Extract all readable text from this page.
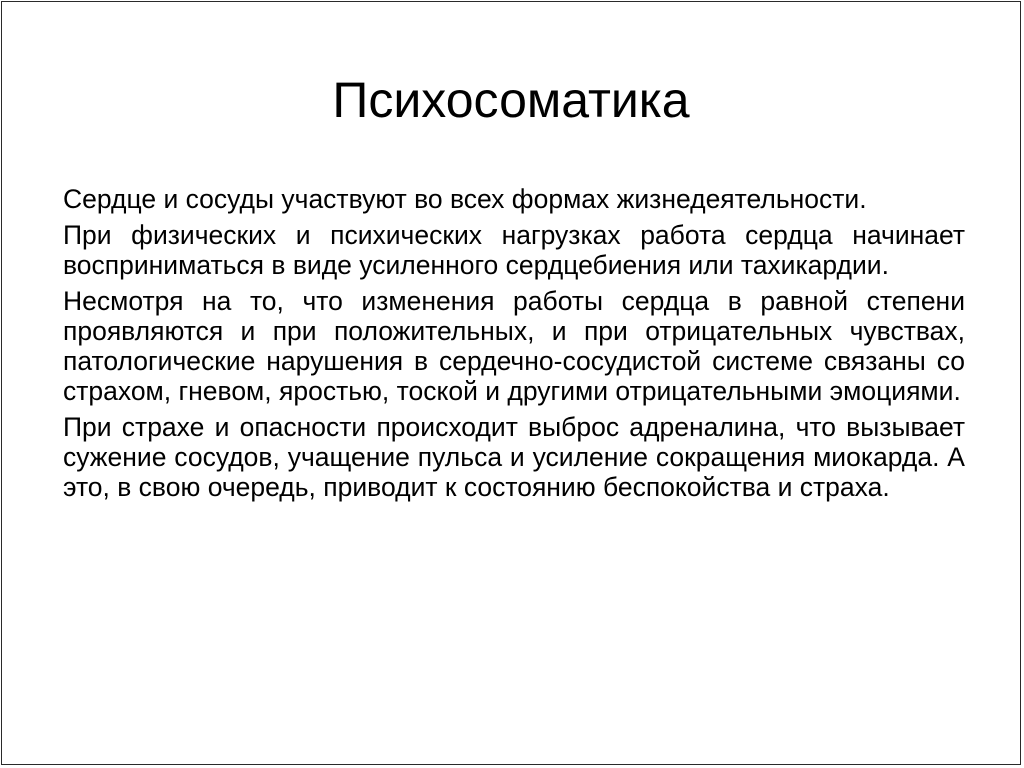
Психосоматика

Сердце и сосуды участвуют во всех формах жизнедеятельности.

При физических и психических нагрузках работа сердца начинает восприниматься в виде усиленного сердцебиения или тахикардии.

Несмотря на то, что изменения работы сердца в равной степени проявляются и при положительных, и при отрицательных чувствах, патологические нарушения в сердечно-сосудистой системе связаны со страхом, гневом, яростью, тоской и другими отрицательными эмоциями.

При страхе и опасности происходит выброс адреналина, что вызывает сужение сосудов, учащение пульса и усиление сокращения миокарда. А это, в свою очередь, приводит к состоянию беспокойства и страха.
